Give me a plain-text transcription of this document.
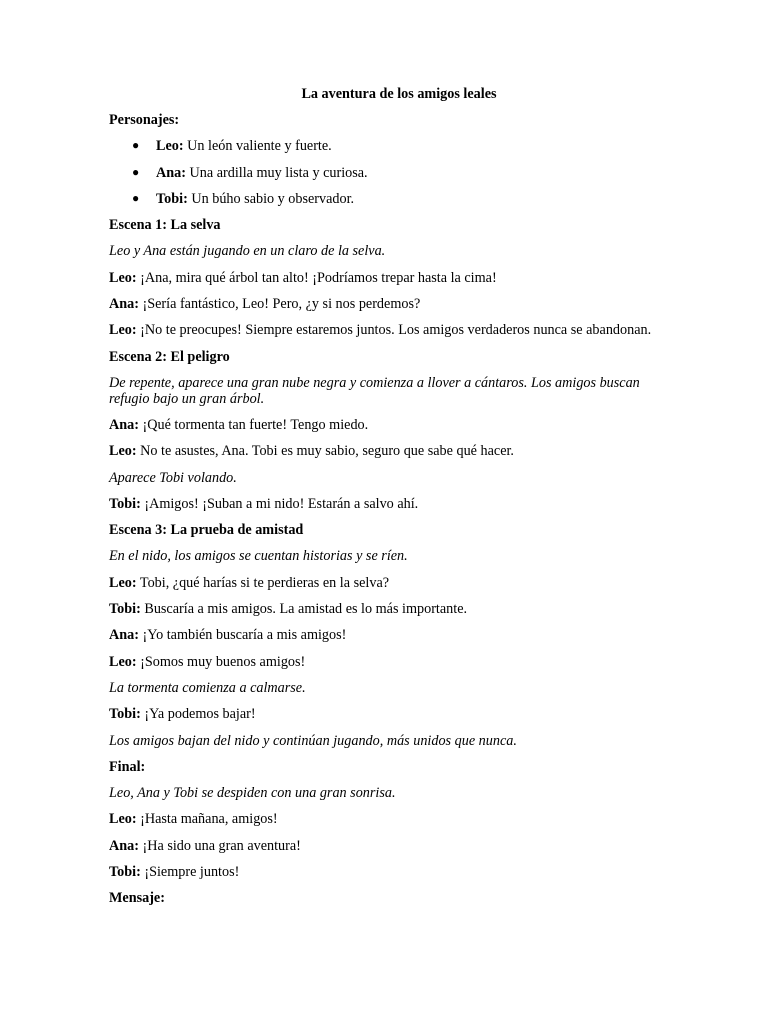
La aventura de los amigos leales

Personajes:

● Leo: Un león valiente y fuerte.
● Ana: Una ardilla muy lista y curiosa.
● Tobi: Un búho sabio y observador.

Escena 1: La selva

Leo y Ana están jugando en un claro de la selva.

Leo: ¡Ana, mira qué árbol tan alto! ¡Podríamos trepar hasta la cima!

Ana: ¡Sería fantástico, Leo! Pero, ¿y si nos perdemos?

Leo: ¡No te preocupes! Siempre estaremos juntos. Los amigos verdaderos nunca se abandonan.

Escena 2: El peligro

De repente, aparece una gran nube negra y comienza a llover a cántaros. Los amigos buscan refugio bajo un gran árbol.

Ana: ¡Qué tormenta tan fuerte! Tengo miedo.

Leo: No te asustes, Ana. Tobi es muy sabio, seguro que sabe qué hacer.

Aparece Tobi volando.

Tobi: ¡Amigos! ¡Suban a mi nido! Estarán a salvo ahí.

Escena 3: La prueba de amistad

En el nido, los amigos se cuentan historias y se ríen.

Leo: Tobi, ¿qué harías si te perdieras en la selva?

Tobi: Buscaría a mis amigos. La amistad es lo más importante.

Ana: ¡Yo también buscaría a mis amigos!

Leo: ¡Somos muy buenos amigos!

La tormenta comienza a calmarse.

Tobi: ¡Ya podemos bajar!

Los amigos bajan del nido y continúan jugando, más unidos que nunca.

Final:

Leo, Ana y Tobi se despiden con una gran sonrisa.

Leo: ¡Hasta mañana, amigos!

Ana: ¡Ha sido una gran aventura!

Tobi: ¡Siempre juntos!

Mensaje:
